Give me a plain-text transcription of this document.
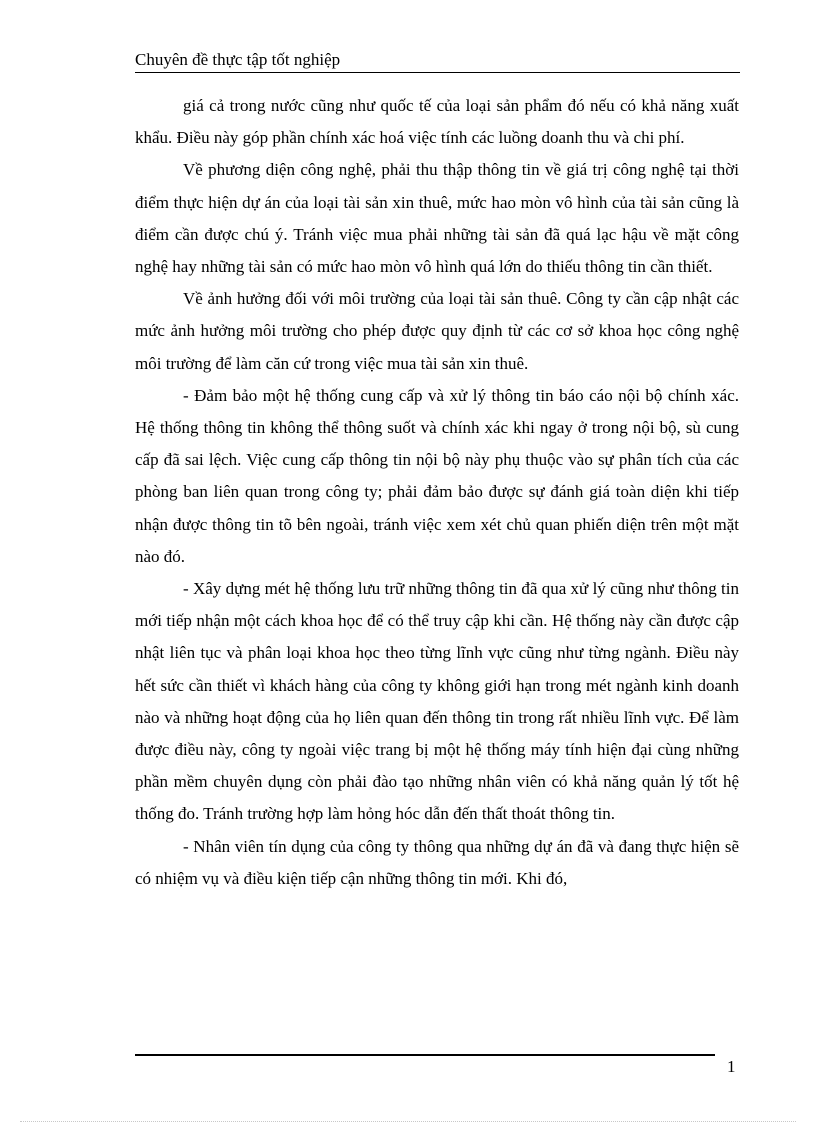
Chuyên đề thực tập tốt nghiệp

giá cả trong nước cũng như quốc tế của loại sản phẩm đó nếu có khả năng xuất khẩu. Điều này góp phần chính xác hoá việc tính các luồng doanh thu và chi phí.

Về phương diện công nghệ, phải thu thập thông tin về giá trị công nghệ tại thời điểm thực hiện dự án của loại tài sản xin thuê, mức hao mòn vô hình của tài sản cũng là điểm cần được chú ý. Tránh việc mua phải những tài sản đã quá lạc hậu về mặt công nghệ hay những tài sản có mức hao mòn vô hình quá lớn do thiếu thông tin cần thiết.

Về ảnh hưởng đối với môi trường của loại tài sản thuê. Công ty cần cập nhật các mức ảnh hưởng môi trường cho phép được quy định từ các cơ sở khoa học công nghệ môi trường để làm căn cứ trong việc mua tài sản xin thuê.

- Đảm bảo một hệ thống cung cấp và xử lý thông tin báo cáo nội bộ chính xác. Hệ thống thông tin không thể thông suốt và chính xác khi ngay ở trong nội bộ, sù cung cấp đã sai lệch. Việc cung cấp thông tin nội bộ này phụ thuộc vào sự phân tích của các phòng ban liên quan trong công ty; phải đảm bảo được sự đánh giá toàn diện khi tiếp nhận được thông tin tõ bên ngoài, tránh việc xem xét chủ quan phiến diện trên một mặt nào đó.

- Xây dựng mét hệ thống lưu trữ những thông tin đã qua xử lý cũng như thông tin mới tiếp nhận một cách khoa học để có thể truy cập khi cần. Hệ thống này cần được cập nhật liên tục và phân loại khoa học theo từng lĩnh vực cũng như từng ngành. Điều này hết sức cần thiết vì khách hàng của công ty không giới hạn trong mét ngành kinh doanh nào và những hoạt động của họ liên quan đến thông tin trong rất nhiều lĩnh vực. Để làm được điều này, công ty ngoài việc trang bị một hệ thống máy tính hiện đại cùng những phần mềm chuyên dụng còn phải đào tạo những nhân viên có khả năng quản lý tốt hệ thống đo. Tránh trường hợp làm hỏng hóc dẫn đến thất thoát thông tin.

- Nhân viên tín dụng của công ty thông qua những dự án đã và đang thực hiện sẽ có nhiệm vụ và điều kiện tiếp cận những thông tin mới. Khi đó,

1
